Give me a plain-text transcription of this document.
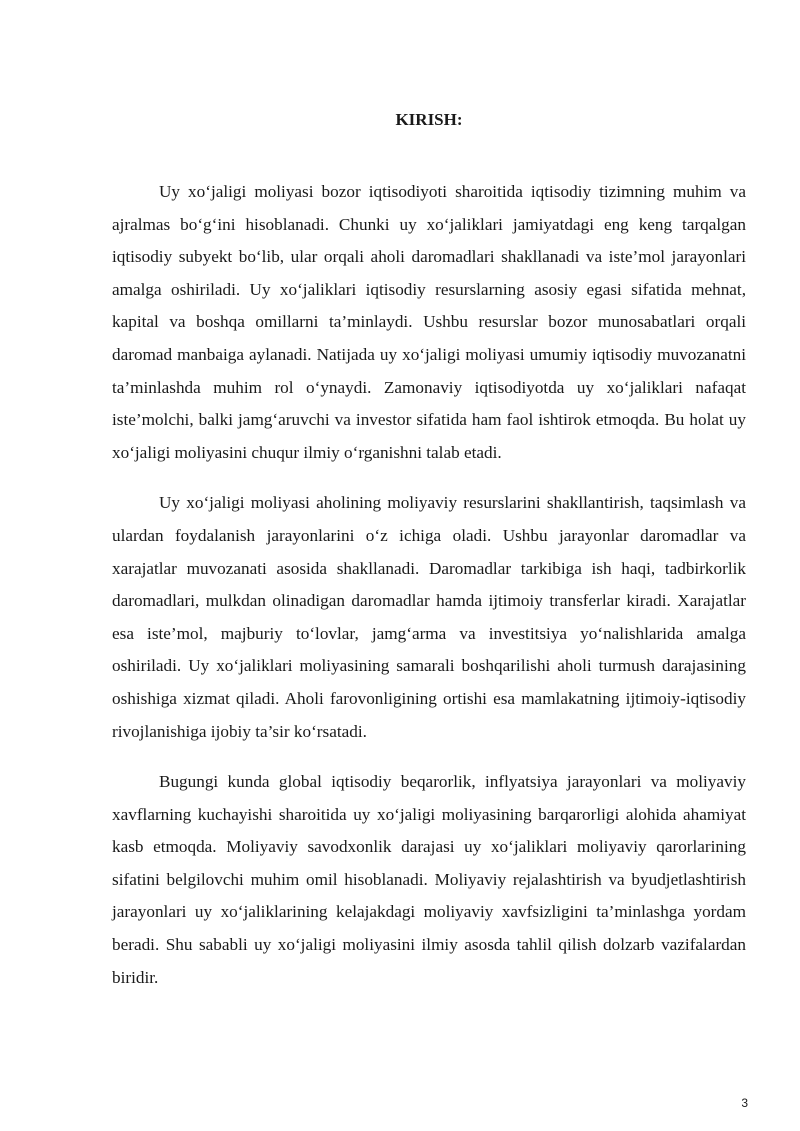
KIRISH:

Uy xo‘jaligi moliyasi bozor iqtisodiyoti sharoitida iqtisodiy tizimning muhim va ajralmas bo‘g‘ini hisoblanadi. Chunki uy xo‘jaliklari jamiyatdagi eng keng tarqalgan iqtisodiy subyekt bo‘lib, ular orqali aholi daromadlari shakllanadi va iste’mol jarayonlari amalga oshiriladi. Uy xo‘jaliklari iqtisodiy resurslarning asosiy egasi sifatida mehnat, kapital va boshqa omillarni ta’minlaydi. Ushbu resurslar bozor munosabatlari orqali daromad manbaiga aylanadi. Natijada uy xo‘jaligi moliyasi umumiy iqtisodiy muvozanatni ta’minlashda muhim rol o‘ynaydi. Zamonaviy iqtisodiyotda uy xo‘jaliklari nafaqat iste’molchi, balki jamg‘aruvchi va investor sifatida ham faol ishtirok etmoqda. Bu holat uy xo‘jaligi moliyasini chuqur ilmiy o‘rganishni talab etadi.

Uy xo‘jaligi moliyasi aholining moliyaviy resurslarini shakllantirish, taqsimlash va ulardan foydalanish jarayonlarini o‘z ichiga oladi. Ushbu jarayonlar daromadlar va xarajatlar muvozanati asosida shakllanadi. Daromadlar tarkibiga ish haqi, tadbirkorlik daromadlari, mulkdan olinadigan daromadlar hamda ijtimoiy transferlar kiradi. Xarajatlar esa iste’mol, majburiy to‘lovlar, jamg‘arma va investitsiya yo‘nalishlarida amalga oshiriladi. Uy xo‘jaliklari moliyasining samarali boshqarilishi aholi turmush darajasining oshishiga xizmat qiladi. Aholi farovonligining ortishi esa mamlakatning ijtimoiy-iqtisodiy rivojlanishiga ijobiy ta’sir ko‘rsatadi.

Bugungi kunda global iqtisodiy beqarorlik, inflyatsiya jarayonlari va moliyaviy xavflarning kuchayishi sharoitida uy xo‘jaligi moliyasining barqarorligi alohida ahamiyat kasb etmoqda. Moliyaviy savodxonlik darajasi uy xo‘jaliklari moliyaviy qarorlarining sifatini belgilovchi muhim omil hisoblanadi. Moliyaviy rejalashtirish va byudjetlashtirish jarayonlari uy xo‘jaliklarining kelajakdagi moliyaviy xavfsizligini ta’minlashga yordam beradi. Shu sababli uy xo‘jaligi moliyasini ilmiy asosda tahlil qilish dolzarb vazifalardan biridir.

3
